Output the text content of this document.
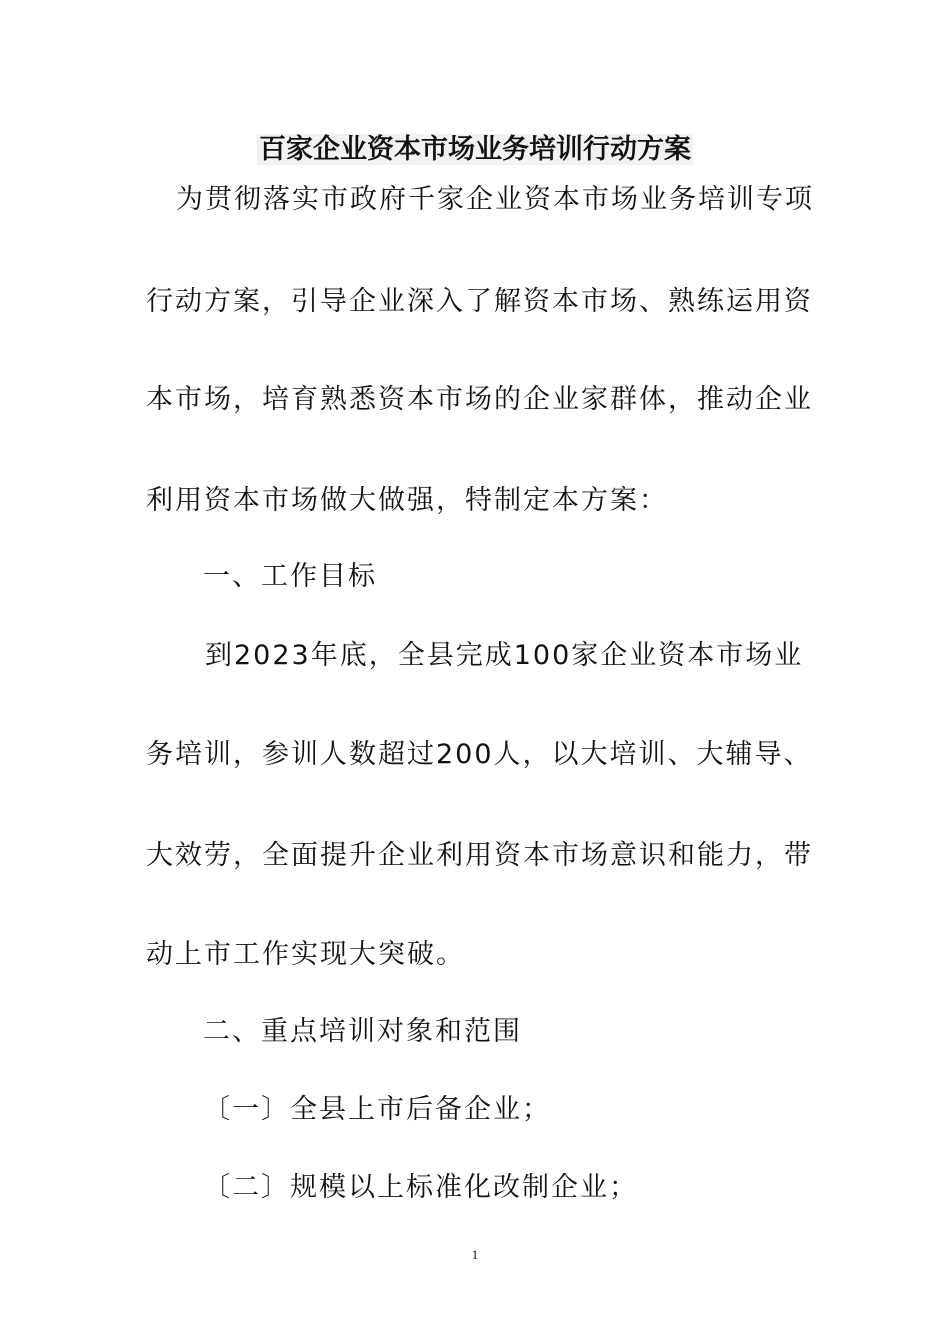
百家企业资本市场业务培训行动方案
为贯彻落实市政府千家企业资本市场业务培训专项
行动方案，引导企业深入了解资本市场、熟练运用资
本市场，培育熟悉资本市场的企业家群体，推动企业
利用资本市场做大做强，特制定本方案：
一、工作目标
到2023年底，全县完成100家企业资本市场业
务培训，参训人数超过200人，以大培训、大辅导、
大效劳，全面提升企业利用资本市场意识和能力，带
动上市工作实现大突破。
二、重点培训对象和范围
〔一〕全县上市后备企业；
〔二〕规模以上标准化改制企业；
1
